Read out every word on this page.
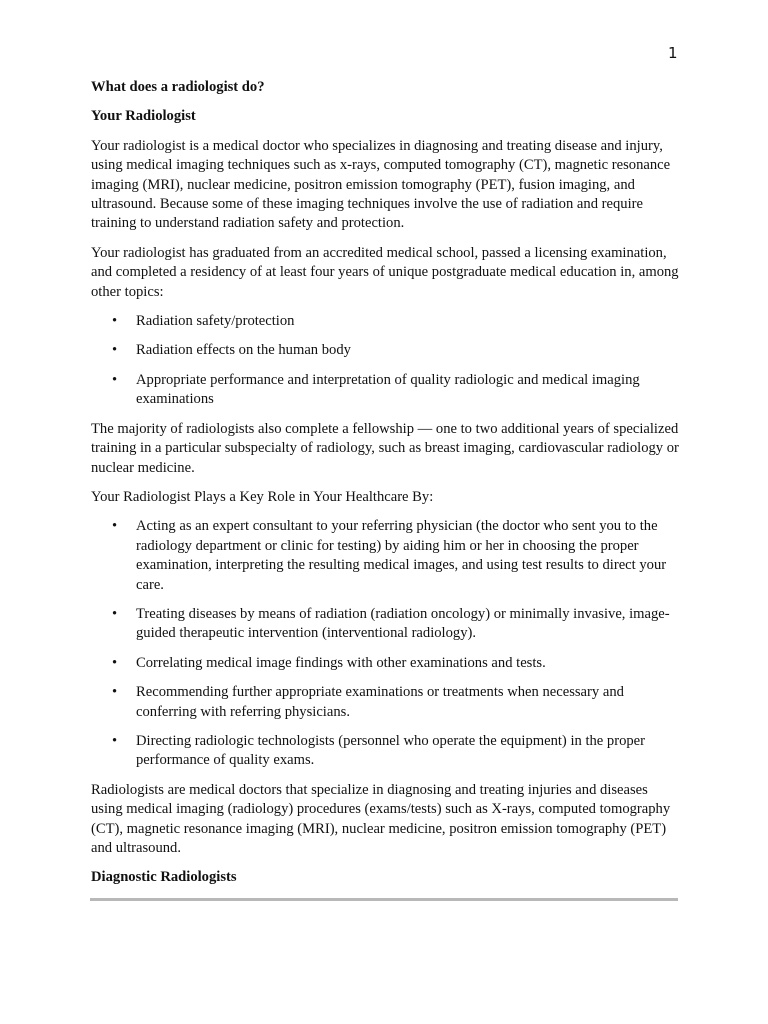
1

What does a radiologist do?

Your Radiologist

Your radiologist is a medical doctor who specializes in diagnosing and treating disease and injury, using medical imaging techniques such as x-rays, computed tomography (CT), magnetic resonance imaging (MRI), nuclear medicine, positron emission tomography (PET), fusion imaging, and ultrasound. Because some of these imaging techniques involve the use of radiation and require training to understand radiation safety and protection.

Your radiologist has graduated from an accredited medical school, passed a licensing examination, and completed a residency of at least four years of unique postgraduate medical education in, among other topics:

• Radiation safety/protection
• Radiation effects on the human body
• Appropriate performance and interpretation of quality radiologic and medical imaging examinations

The majority of radiologists also complete a fellowship — one to two additional years of specialized training in a particular subspecialty of radiology, such as breast imaging, cardiovascular radiology or nuclear medicine.

Your Radiologist Plays a Key Role in Your Healthcare By:

• Acting as an expert consultant to your referring physician (the doctor who sent you to the radiology department or clinic for testing) by aiding him or her in choosing the proper examination, interpreting the resulting medical images, and using test results to direct your care.
• Treating diseases by means of radiation (radiation oncology) or minimally invasive, image-guided therapeutic intervention (interventional radiology).
• Correlating medical image findings with other examinations and tests.
• Recommending further appropriate examinations or treatments when necessary and conferring with referring physicians.
• Directing radiologic technologists (personnel who operate the equipment) in the proper performance of quality exams.

Radiologists are medical doctors that specialize in diagnosing and treating injuries and diseases using medical imaging (radiology) procedures (exams/tests) such as X-rays, computed tomography (CT), magnetic resonance imaging (MRI), nuclear medicine, positron emission tomography (PET) and ultrasound.

Diagnostic Radiologists
